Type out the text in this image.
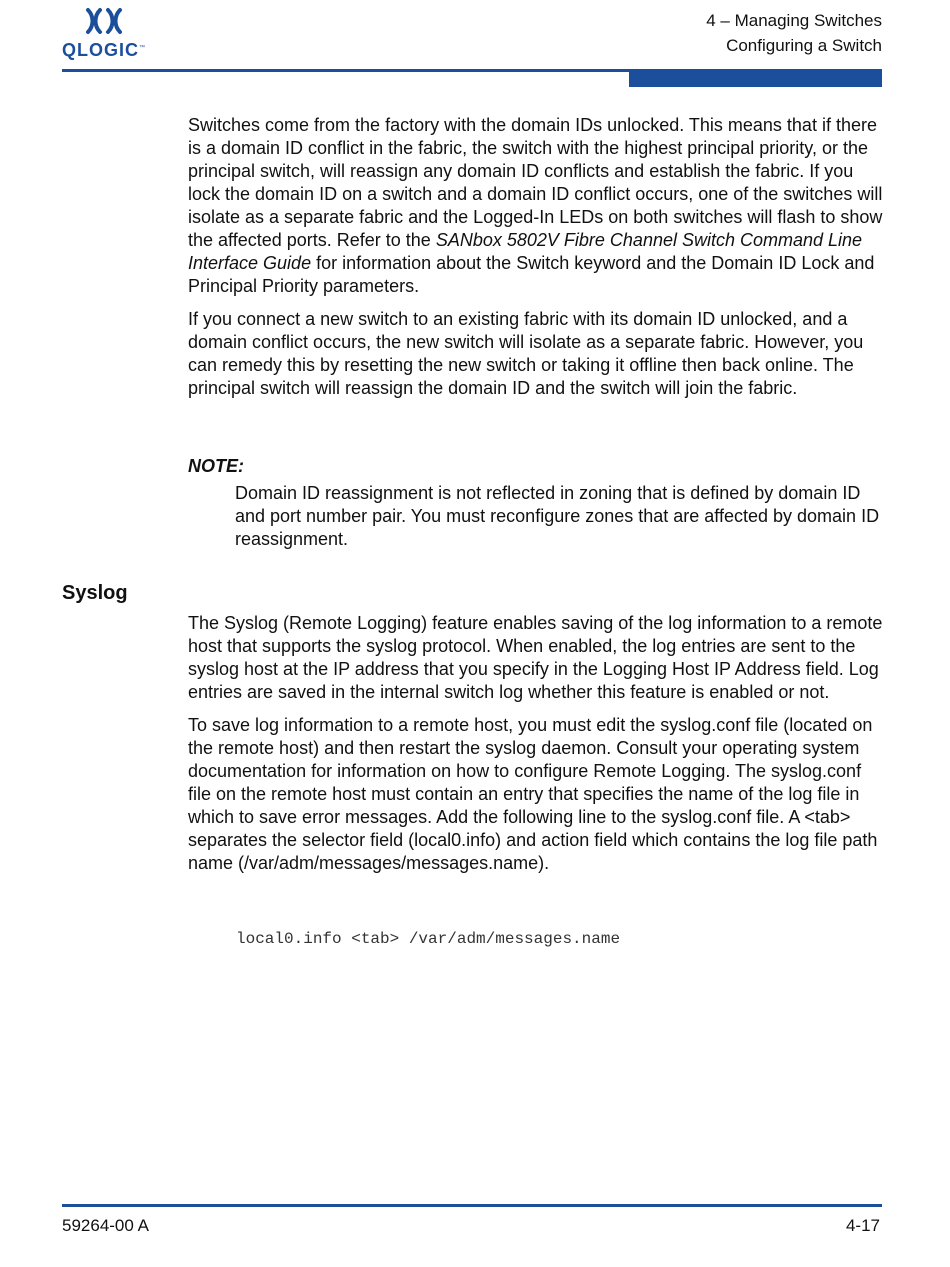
QLOGIC™
4 – Managing Switches
Configuring a Switch

Switches come from the factory with the domain IDs unlocked. This means that if there is a domain ID conflict in the fabric, the switch with the highest principal priority, or the principal switch, will reassign any domain ID conflicts and establish the fabric. If you lock the domain ID on a switch and a domain ID conflict occurs, one of the switches will isolate as a separate fabric and the Logged-In LEDs on both switches will flash to show the affected ports. Refer to the SANbox 5802V Fibre Channel Switch Command Line Interface Guide for information about the Switch keyword and the Domain ID Lock and Principal Priority parameters.

If you connect a new switch to an existing fabric with its domain ID unlocked, and a domain conflict occurs, the new switch will isolate as a separate fabric. However, you can remedy this by resetting the new switch or taking it offline then back online. The principal switch will reassign the domain ID and the switch will join the fabric.

NOTE:
Domain ID reassignment is not reflected in zoning that is defined by domain ID and port number pair. You must reconfigure zones that are affected by domain ID reassignment.
Syslog

The Syslog (Remote Logging) feature enables saving of the log information to a remote host that supports the syslog protocol. When enabled, the log entries are sent to the syslog host at the IP address that you specify in the Logging Host IP Address field. Log entries are saved in the internal switch log whether this feature is enabled or not.

To save log information to a remote host, you must edit the syslog.conf file (located on the remote host) and then restart the syslog daemon. Consult your operating system documentation for information on how to configure Remote Logging. The syslog.conf file on the remote host must contain an entry that specifies the name of the log file in which to save error messages. Add the following line to the syslog.conf file. A <tab> separates the selector field (local0.info) and action field which contains the log file path name (/var/adm/messages/messages.name).

local0.info <tab> /var/adm/messages.name
59264-00 A	4-17
